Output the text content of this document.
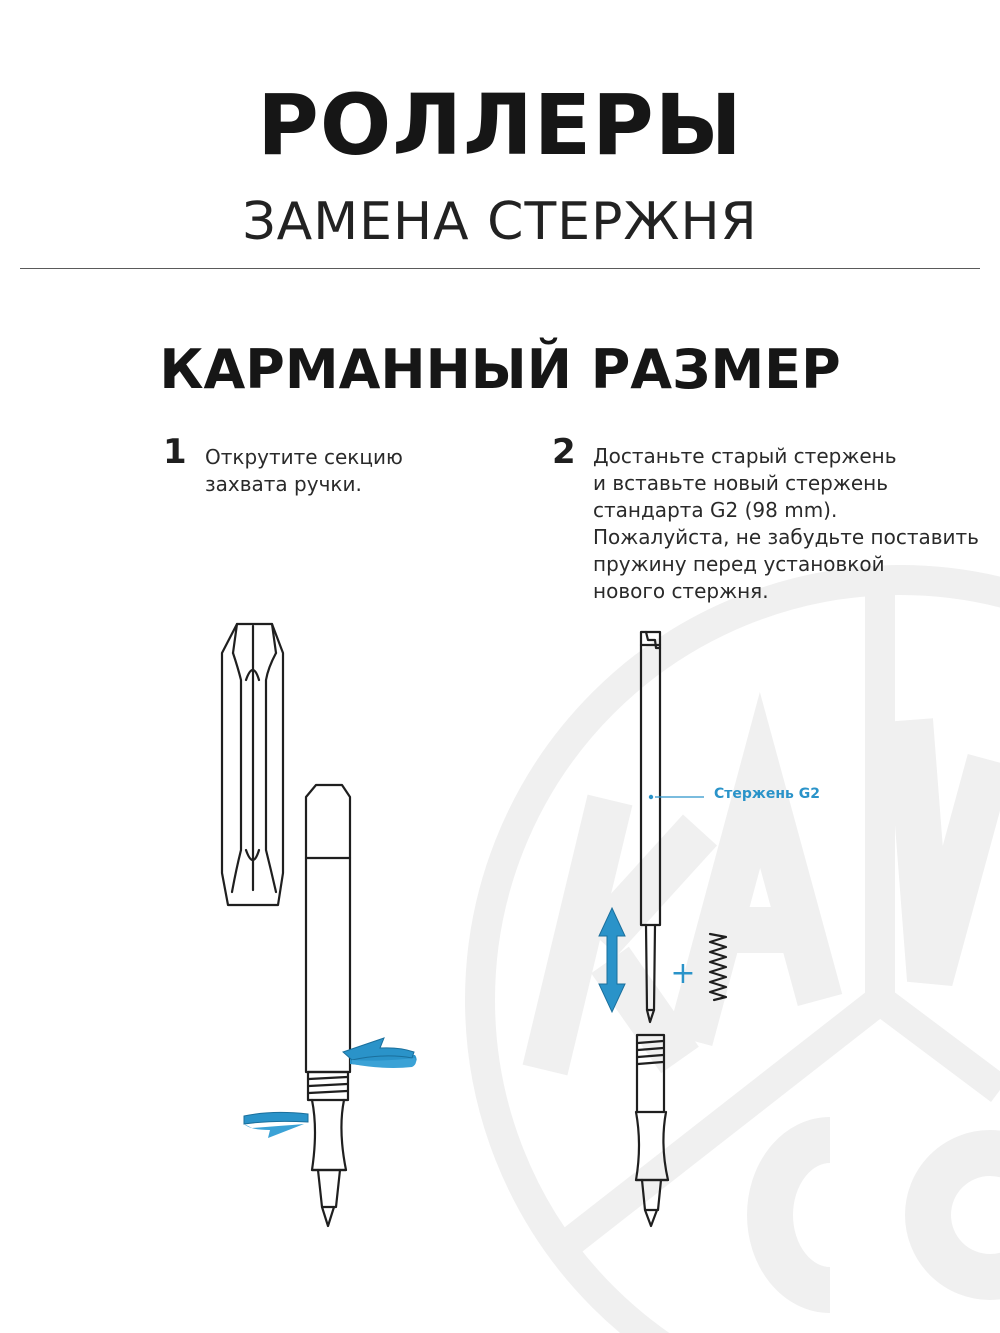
РОЛЛЕРЫ
ЗАМЕНА СТЕРЖНЯ
КАРМАННЫЙ РАЗМЕР
1 Открутите секцию
захвата ручки.
2 Достаньте старый стержень
и вставьте новый стержень
стандарта G2 (98 mm).
Пожалуйста, не забудьте поставить
пружину перед установкой
нового стержня.
+
Стержень G2
